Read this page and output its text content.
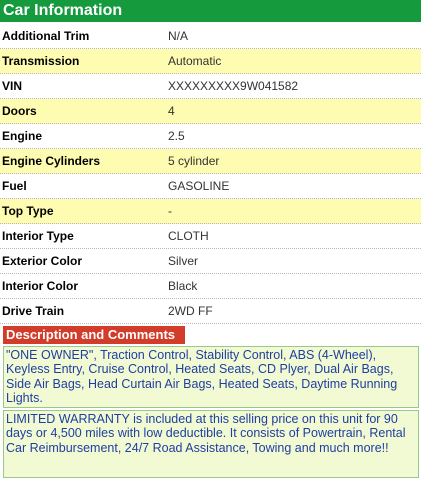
Car Information
Additional Trim	N/A
Transmission	Automatic
VIN	XXXXXXXXX9W041582
Doors	4
Engine	2.5
Engine Cylinders	5 cylinder
Fuel	GASOLINE
Top Type	-
Interior Type	CLOTH
Exterior Color	Silver
Interior Color	Black
Drive Train	2WD FF
Description and Comments
"ONE OWNER", Traction Control, Stability Control, ABS (4-Wheel), Keyless Entry, Cruise Control, Heated Seats, CD Plyer, Dual Air Bags, Side Air Bags, Head Curtain Air Bags, Heated Seats, Daytime Running Lights.
LIMITED WARRANTY is included at this selling price on this unit for 90 days or 4,500 miles with low deductible. It consists of Powertrain, Rental Car Reimbursement, 24/7 Road Assistance, Towing and much more!!
